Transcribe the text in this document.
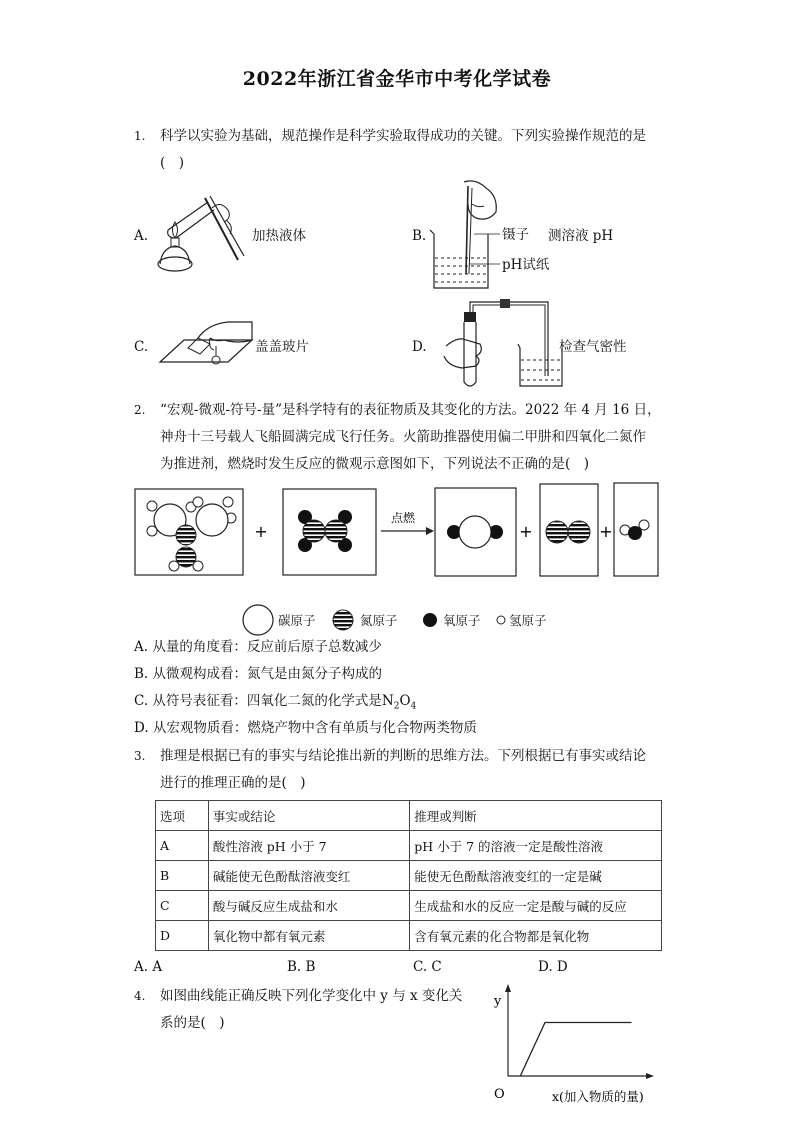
2022年浙江省金华市中考化学试卷
1. 科学以实验为基础，规范操作是科学实验取得成功的关键。下列实验操作规范的是
(　)
A.	加热液体	B.	镊子 测溶液 pH
pH试纸
C.	盖盖玻片	D.	检查气密性
2. “宏观-微观-符号-量”是科学特有的表征物质及其变化的方法。2022 年 4 月 16 日，
神舟十三号载人飞船圆满完成飞行任务。火箭助推器使用偏二甲肼和四氧化二氮作
为推进剂，燃烧时发生反应的微观示意图如下，下列说法不正确的是(　)
+
点燃
+	+
碳原子	氮原子	氧原子 氢原子
A. 从量的角度看：反应前后原子总数减少
B. 从微观构成看：氮气是由氮分子构成的
C. 从符号表征看：四氧化二氮的化学式是$N_2O_4$
D. 从宏观物质看：燃烧产物中含有单质与化合物两类物质
3. 推理是根据已有的事实与结论推出新的判断的思维方法。下列根据已有事实或结论
进行的推理正确的是(　)
选项	事实或结论	推理或判断
A	酸性溶液 pH 小于 7	pH 小于 7 的溶液一定是酸性溶液
B	碱能使无色酚酞溶液变红	能使无色酚酞溶液变红的一定是碱
C	酸与碱反应生成盐和水	生成盐和水的反应一定是酸与碱的反应
D	氧化物中都有氧元素	含有氧元素的化合物都是氧化物
A. A	B. B	C. C	D. D
4. 如图曲线能正确反映下列化学变化中 y 与 x 变化关
系的是(　)
y
O	x(加入物质的量)
